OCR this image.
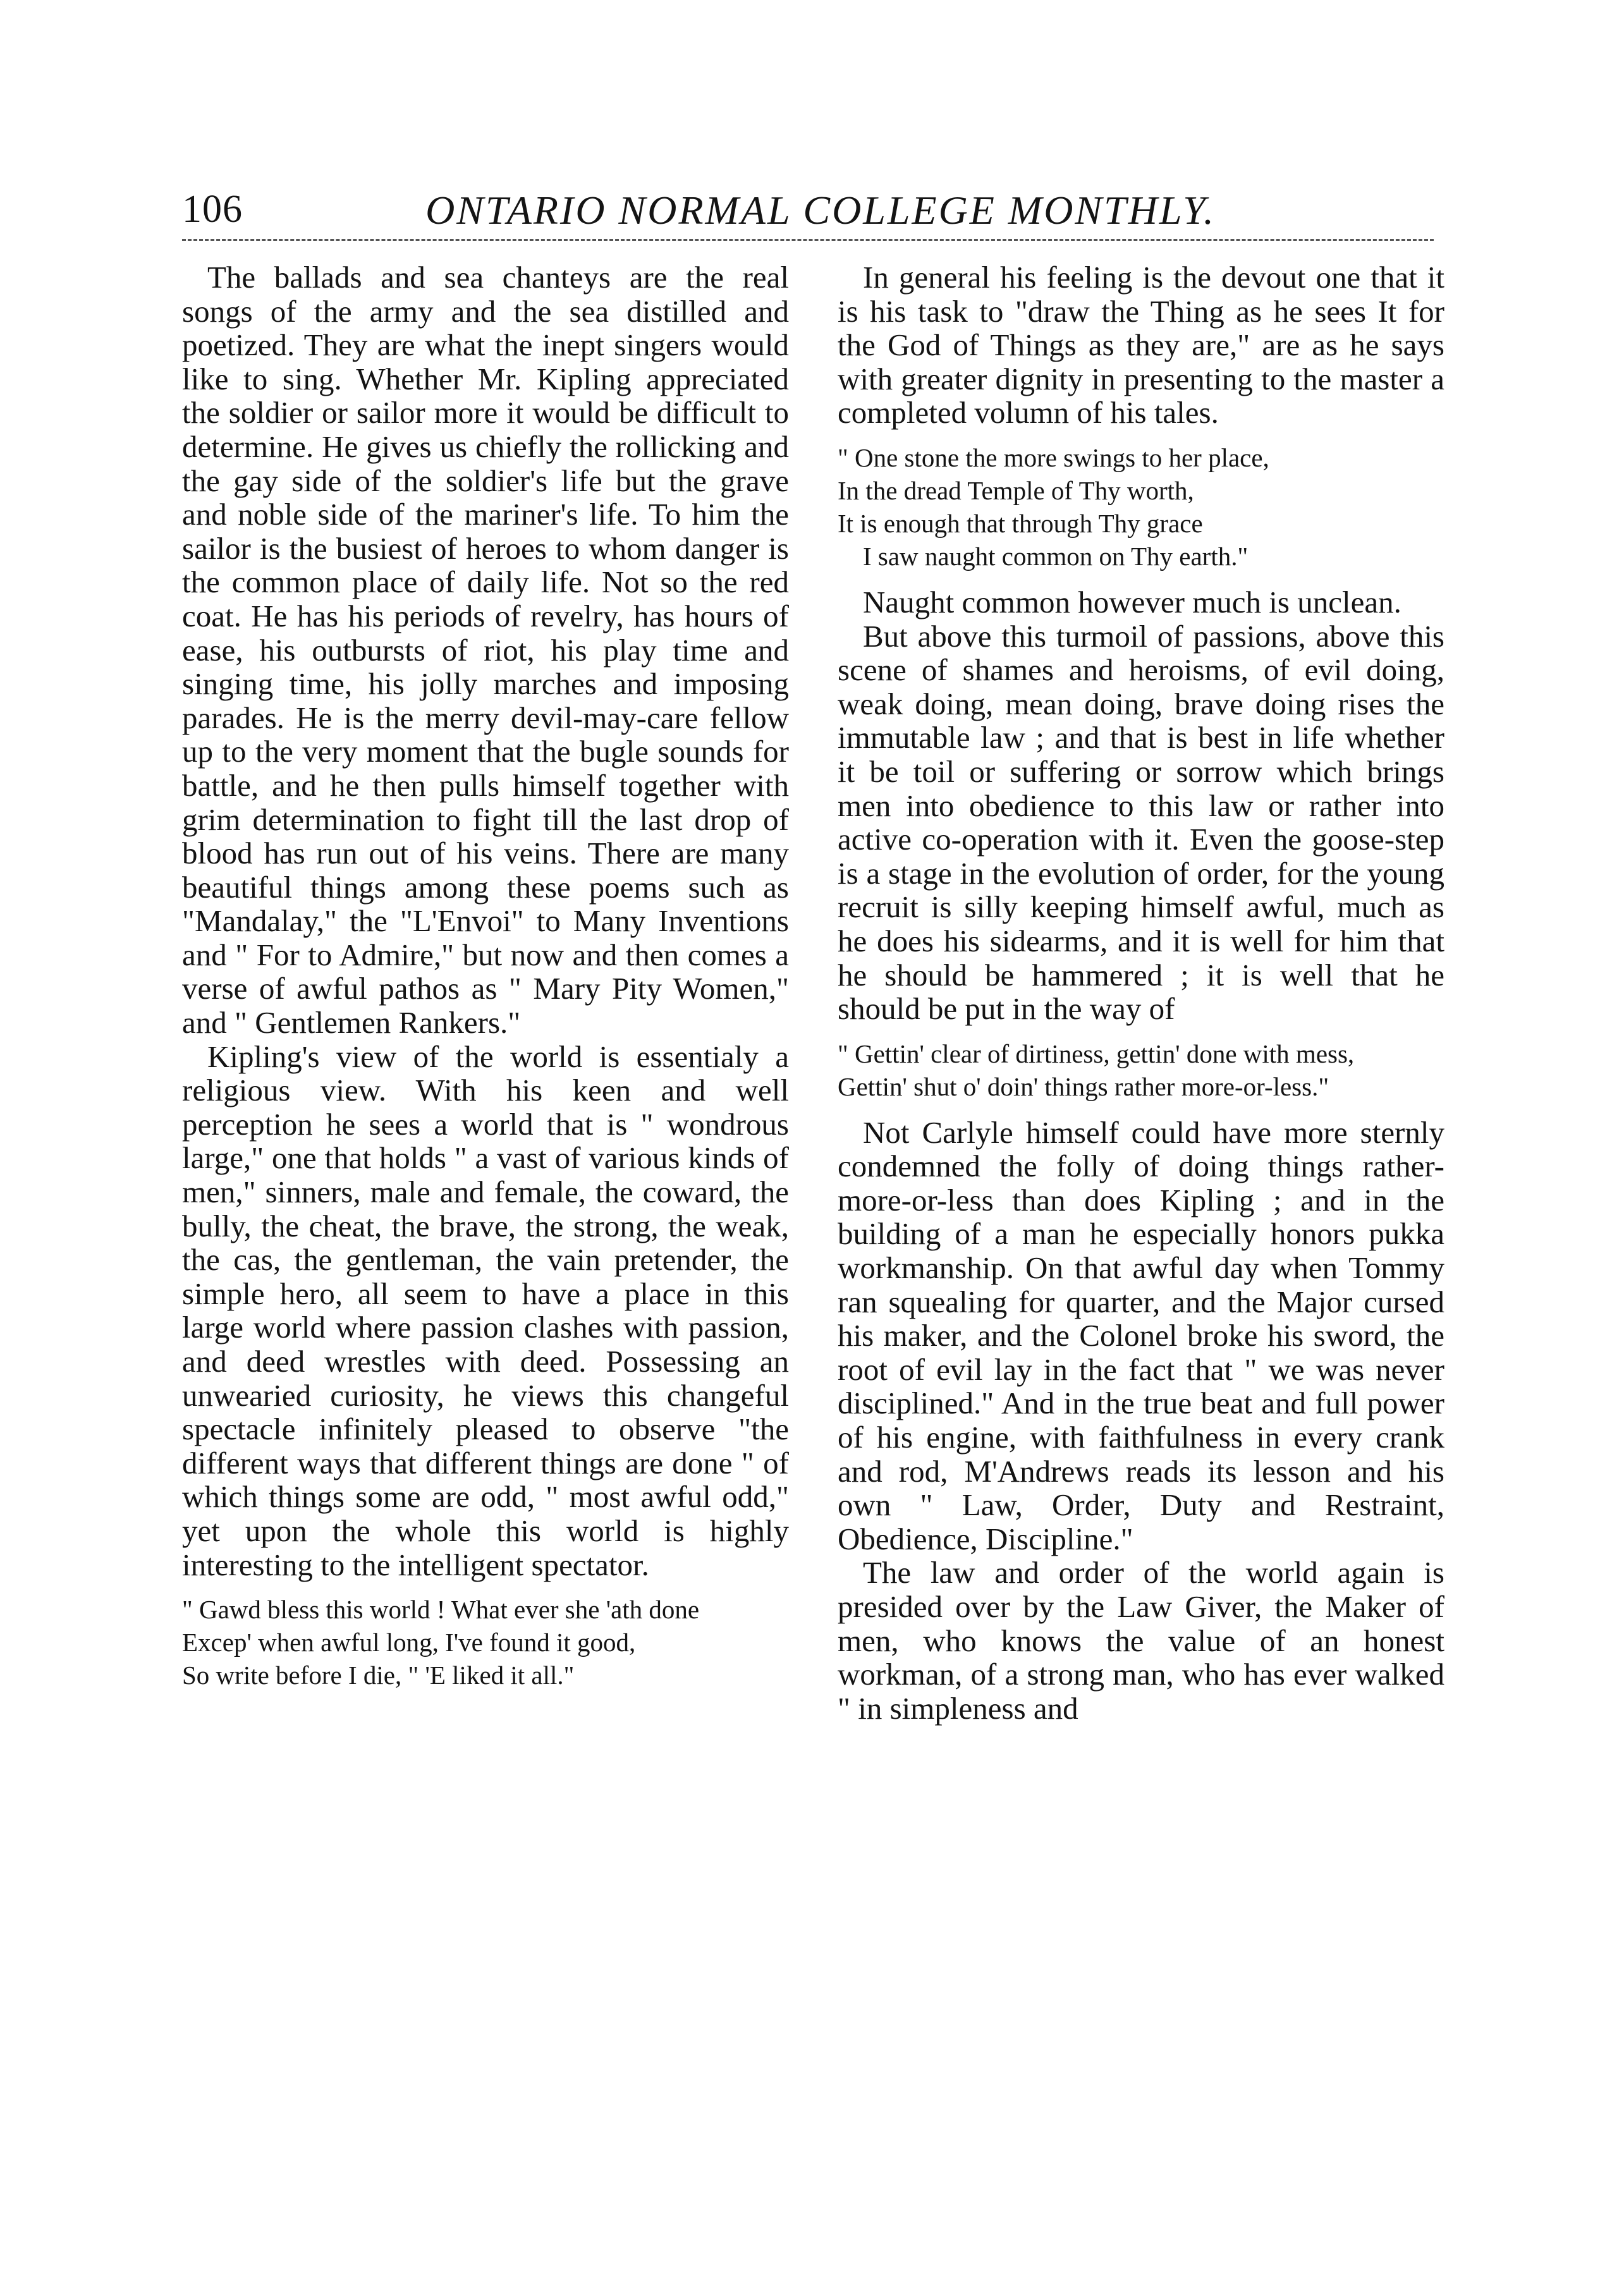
106	ONTARIO NORMAL COLLEGE MONTHLY.

The ballads and sea chanteys are the real songs of the army and the sea distilled and poetized. They are what the inept singers would like to sing. Whether Mr. Kipling appreciated the soldier or sailor more it would be difficult to determine. He gives us chiefly the rollicking and the gay side of the soldier's life but the grave and noble side of the mariner's life. To him the sailor is the busiest of heroes to whom danger is the common place of daily life. Not so the red coat. He has his periods of revelry, has hours of ease, his outbursts of riot, his play time and singing time, his jolly marches and imposing parades. He is the merry devil-may-care fellow up to the very moment that the bugle sounds for battle, and he then pulls himself together with grim determination to fight till the last drop of blood has run out of his veins. There are many beautiful things among these poems such as "Mandalay," the "L'Envoi" to Many Inventions and " For to Admire," but now and then comes a verse of awful pathos as " Mary Pity Women," and " Gentlemen Rankers."

Kipling's view of the world is essentialy a religious view. With his keen and well perception he sees a world that is " wondrous large," one that holds " a vast of various kinds of men," sinners, male and female, the coward, the bully, the cheat, the brave, the strong, the weak, the cas, the gentleman, the vain pretender, the simple hero, all seem to have a place in this large world where passion clashes with passion, and deed wrestles with deed. Possessing an unwearied curiosity, he views this changeful spectacle infinitely pleased to observe "the different ways that different things are done " of which things some are odd, " most awful odd," yet upon the whole this world is highly interesting to the intelligent spectator.

" Gawd bless this world ! What ever she 'ath done

Excep' when awful long, I've found it good,

So write before I die, " 'E liked it all."

In general his feeling is the devout one that it is his task to "draw the Thing as he sees It for the God of Things as they are," are as he says with greater dignity in presenting to the master a completed volumn of his tales.

" One stone the more swings to her place,

In the dread Temple of Thy worth,

It is enough that through Thy grace

I saw naught common on Thy earth."

Naught common however much is unclean.

But above this turmoil of passions, above this scene of shames and heroisms, of evil doing, weak doing, mean doing, brave doing rises the immutable law ; and that is best in life whether it be toil or suffering or sorrow which brings men into obedience to this law or rather into active co-operation with it. Even the goose-step is a stage in the evolution of order, for the young recruit is silly keeping himself awful, much as he does his sidearms, and it is well for him that he should be hammered ; it is well that he should be put in the way of

" Gettin' clear of dirtiness, gettin' done with mess,

Gettin' shut o' doin' things rather more-or-less."

Not Carlyle himself could have more sternly condemned the folly of doing things rather-more-or-less than does Kipling ; and in the building of a man he especially honors pukka workmanship. On that awful day when Tommy ran squealing for quarter, and the Major cursed his maker, and the Colonel broke his sword, the root of evil lay in the fact that " we was never disciplined." And in the true beat and full power of his engine, with faithfulness in every crank and rod, M'Andrews reads its lesson and his own " Law, Order, Duty and Restraint, Obedience, Discipline."

The law and order of the world again is presided over by the Law Giver, the Maker of men, who knows the value of an honest workman, of a strong man, who has ever walked " in simpleness and
